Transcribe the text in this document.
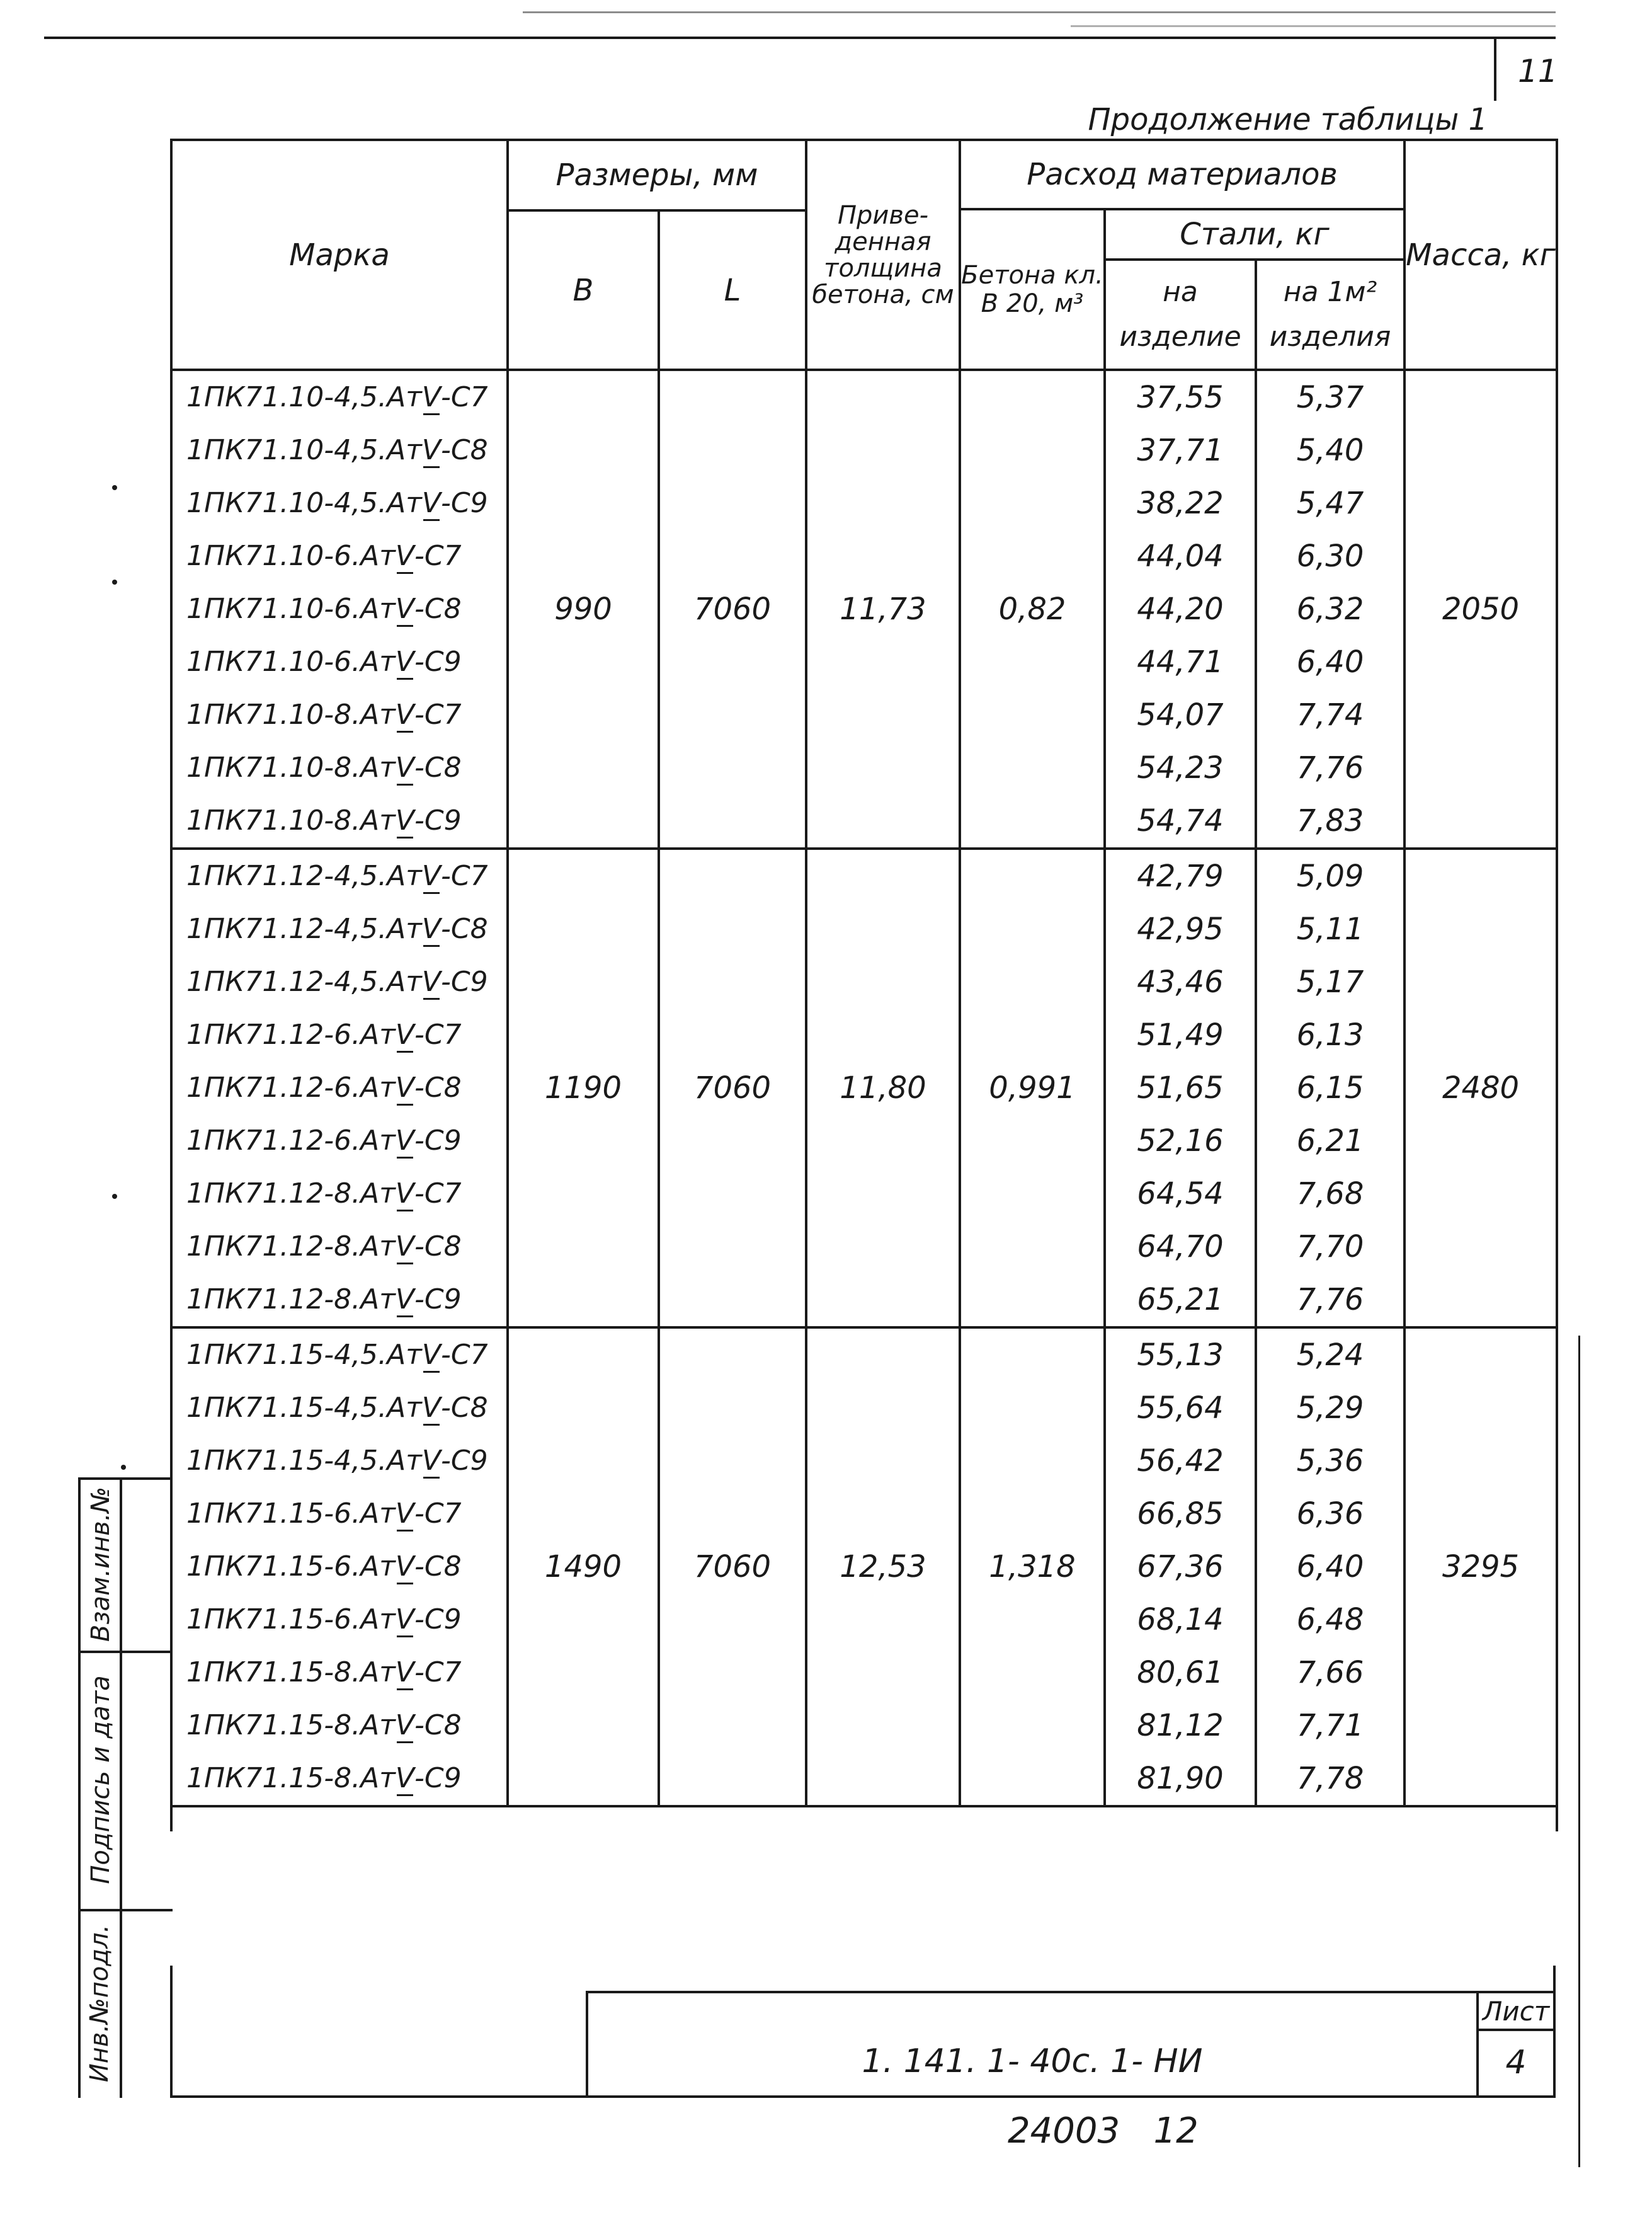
11
Продолжение таблицы 1							
Марка	Размеры, мм		Приве-денная толщина бетона, см	Расход материалов			Масса, кг
				Бетона кл. В 20, м³	Стали, кг		
	В	L					
					на изделие	на 1м² изделия	
1ПК71.10-4,5.АтV-С7	990	7060	11,73	0,82	37,55	5,37	2050
1ПК71.10-4,5.АтV-С8					37,71	5,40	
1ПК71.10-4,5.АтV-С9					38,22	5,47	
1ПК71.10-6.АтV-С7					44,04	6,30	
1ПК71.10-6.АтV-С8					44,20	6,32	
1ПК71.10-6.АтV-С9					44,71	6,40	
1ПК71.10-8.АтV-С7					54,07	7,74	
1ПК71.10-8.АтV-С8					54,23	7,76	
1ПК71.10-8.АтV-С9					54,74	7,83	
1ПК71.12-4,5.АтV-С7	1190	7060	11,80	0,991	42,79	5,09	2480
1ПК71.12-4,5.АтV-С8					42,95	5,11	
1ПК71.12-4,5.АтV-С9					43,46	5,17	
1ПК71.12-6.АтV-С7					51,49	6,13	
1ПК71.12-6.АтV-С8					51,65	6,15	
1ПК71.12-6.АтV-С9					52,16	6,21	
1ПК71.12-8.АтV-С7					64,54	7,68	
1ПК71.12-8.АтV-С8					64,70	7,70	
1ПК71.12-8.АтV-С9					65,21	7,76	
1ПК71.15-4,5.АтV-С7	1490	7060	12,53	1,318	55,13	5,24	3295
1ПК71.15-4,5.АтV-С8					55,64	5,29	
1ПК71.15-4,5.АтV-С9					56,42	5,36	
1ПК71.15-6.АтV-С7					66,85	6,36	
1ПК71.15-6.АтV-С8					67,36	6,40	
1ПК71.15-6.АтV-С9					68,14	6,48	
1ПК71.15-8.АтV-С7					80,61	7,66	
1ПК71.15-8.АтV-С8					81,12	7,71	
1ПК71.15-8.АтV-С9					81,90	7,78	

1. 141. 1- 40с. 1- НИ
Лист
4
24003   12
Взам.инв.№
Подпись и дата
Инв.№подл.
